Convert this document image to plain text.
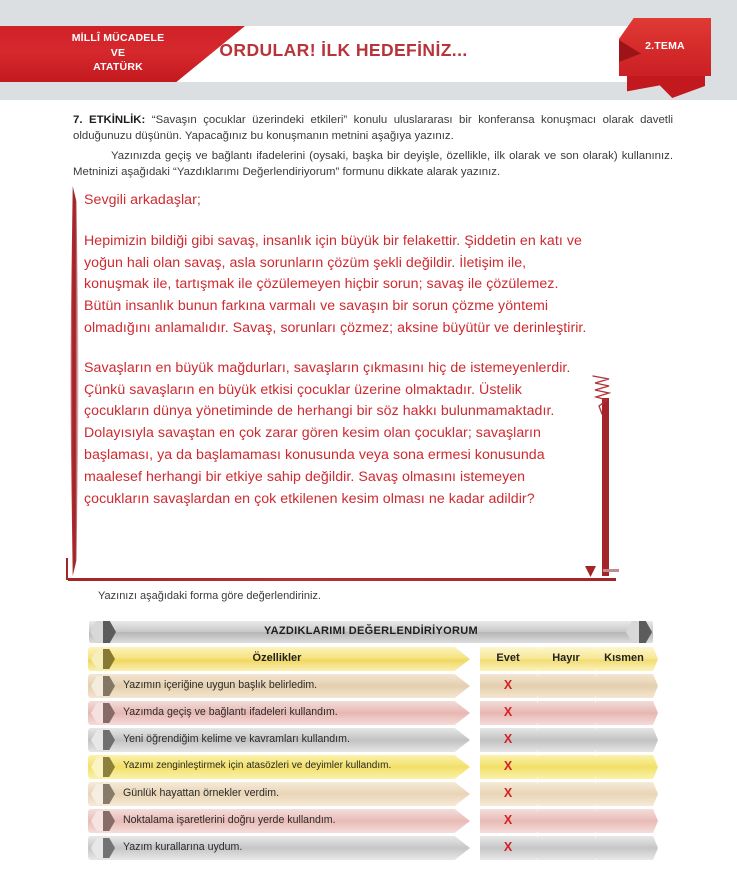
MİLLÎ MÜCADELE
VE
ATATÜRK
ORDULAR! İLK HEDEFİNİZ...	2.TEMA
7. ETKİNLİK: “Savaşın çocuklar üzerindeki etkileri” konulu uluslararası bir konferansa konuşmacı olarak davetli olduğunuzu düşünün. Yapacağınız bu konuşmanın metnini aşağıya yazınız.
Yazınızda geçiş ve bağlantı ifadelerini (oysaki, başka bir deyişle, özellikle, ilk olarak ve son olarak) kullanınız. Metninizi aşağıdaki “Yazdıklarımı Değerlendiriyorum” formunu dikkate alarak yazınız.

Sevgili arkadaşlar;

Hepimizin bildiği gibi savaş, insanlık için büyük bir felakettir. Şiddetin en katı ve yoğun hali olan savaş, asla sorunların çözüm şekli değildir. İletişim ile, konuşmak ile, tartışmak ile çözülemeyen hiçbir sorun; savaş ile çözülemez. Bütün insanlık bunun farkına varmalı ve savaşın bir sorun çözme yöntemi olmadığını anlamalıdır. Savaş, sorunları çözmez; aksine büyütür ve derinleştirir.

Savaşların en büyük mağdurları, savaşların çıkmasını hiç de istemeyenlerdir. Çünkü savaşların en büyük etkisi çocuklar üzerine olmaktadır. Üstelik çocukların dünya yönetiminde de herhangi bir söz hakkı bulunmamaktadır. Dolayısıyla savaştan en çok zarar gören kesim olan çocuklar; savaşların başlaması, ya da başlamaması konusunda veya sona ermesi konusunda maalesef herhangi bir etkiye sahip değildir. Savaş olmasını istemeyen çocukların savaşlardan en çok etkilenen kesim olması ne kadar adildir?

Yazınızı aşağıdaki forma göre değerlendiriniz.
YAZDIKLARIMI DEĞERLENDİRİYORUM
Özellikler	Evet	Hayır	Kısmen
Yazımın içeriğine uygun başlık belirledim.	X
Yazımda geçiş ve bağlantı ifadeleri kullandım.	X
Yeni öğrendiğim kelime ve kavramları kullandım.	X
Yazımı zenginleştirmek için atasözleri ve deyimler kullandım.	X
Günlük hayattan örnekler verdim.	X
Noktalama işaretlerini doğru yerde kullandım.	X
Yazım kurallarına uydum.	X
